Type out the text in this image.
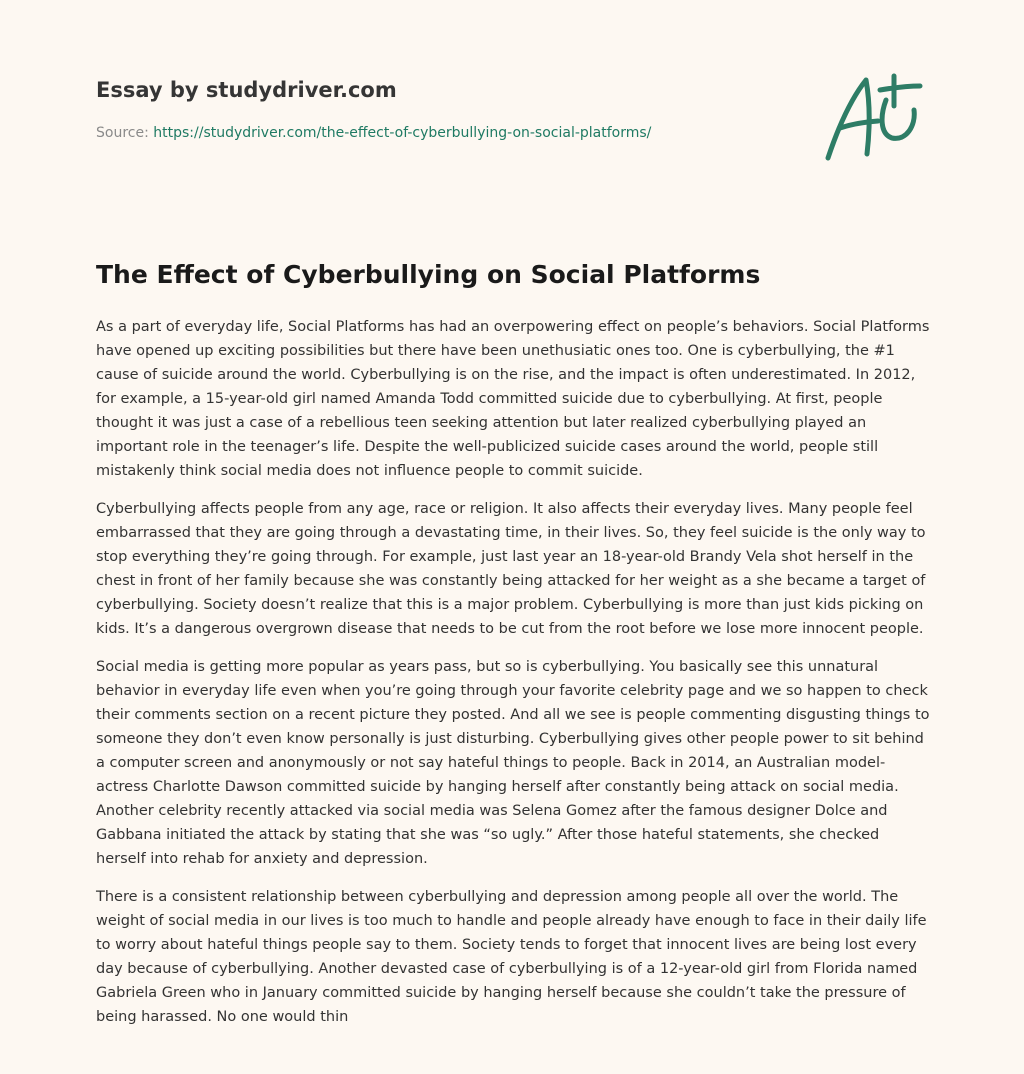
Essay by studydriver.com
Source: https://studydriver.com/the-effect-of-cyberbullying-on-social-platforms/
The Effect of Cyberbullying on Social Platforms

As a part of everyday life, Social Platforms has had an overpowering effect on people’s behaviors. Social Platforms have opened up exciting possibilities but there have been unethusiatic ones too. One is cyberbullying, the #1 cause of suicide around the world. Cyberbullying is on the rise, and the impact is often underestimated. In 2012, for example, a 15-year-old girl named Amanda Todd committed suicide due to cyberbullying. At first, people thought it was just a case of a rebellious teen seeking attention but later realized cyberbullying played an important role in the teenager’s life. Despite the well-publicized suicide cases around the world, people still mistakenly think social media does not influence people to commit suicide.

Cyberbullying affects people from any age, race or religion. It also affects their everyday lives. Many people feel embarrassed that they are going through a devastating time, in their lives. So, they feel suicide is the only way to stop everything they’re going through. For example, just last year an 18-year-old Brandy Vela shot herself in the chest in front of her family because she was constantly being attacked for her weight as a she became a target of cyberbullying. Society doesn’t realize that this is a major problem. Cyberbullying is more than just kids picking on kids. It’s a dangerous overgrown disease that needs to be cut from the root before we lose more innocent people.

Social media is getting more popular as years pass, but so is cyberbullying. You basically see this unnatural behavior in everyday life even when you’re going through your favorite celebrity page and we so happen to check their comments section on a recent picture they posted. And all we see is people commenting disgusting things to someone they don’t even know personally is just disturbing. Cyberbullying gives other people power to sit behind a computer screen and anonymously or not say hateful things to people. Back in 2014, an Australian model-actress Charlotte Dawson committed suicide by hanging herself after constantly being attack on social media. Another celebrity recently attacked via social media was Selena Gomez after the famous designer Dolce and Gabbana initiated the attack by stating that she was “so ugly.” After those hateful statements, she checked herself into rehab for anxiety and depression.

There is a consistent relationship between cyberbullying and depression among people all over the world. The weight of social media in our lives is too much to handle and people already have enough to face in their daily life to worry about hateful things people say to them. Society tends to forget that innocent lives are being lost every day because of cyberbullying. Another devasted case of cyberbullying is of a 12-year-old girl from Florida named Gabriela Green who in January committed suicide by hanging herself because she couldn’t take the pressure of being harassed. No one would thin
